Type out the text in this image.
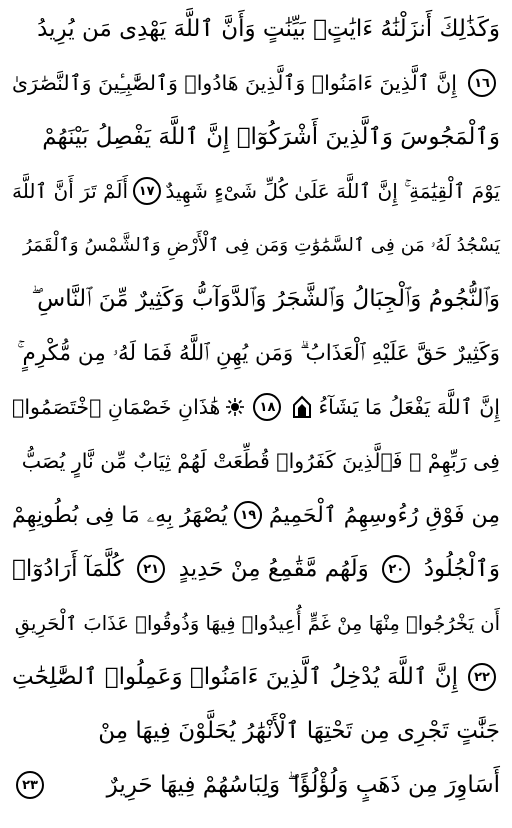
وَكَذَٰلِكَ أَنزَلْنَٰهُ ءَايَٰتٍۭ بَيِّنَٰتٍ وَأَنَّ ٱللَّهَ يَهْدِى مَن يُرِيدُ
١٦
إِنَّ ٱلَّذِينَ ءَامَنُوا۟ وَٱلَّذِينَ هَادُوا۟ وَٱلصَّٰبِـِٔينَ وَٱلنَّصَٰرَىٰ
وَٱلْمَجُوسَ وَٱلَّذِينَ أَشْرَكُوٓا۟ إِنَّ ٱللَّهَ يَفْصِلُ بَيْنَهُمْ
يَوْمَ ٱلْقِيَٰمَةِ ۚ إِنَّ ٱللَّهَ عَلَىٰ كُلِّ شَىْءٍ شَهِيدٌ
١٧
أَلَمْ تَرَ أَنَّ ٱللَّهَ
يَسْجُدُ لَهُۥ مَن فِى ٱلسَّمَٰوَٰتِ وَمَن فِى ٱلْأَرْضِ وَٱلشَّمْسُ وَٱلْقَمَرُ
وَٱلنُّجُومُ وَٱلْجِبَالُ وَٱلشَّجَرُ وَٱلدَّوَآبُّ وَكَثِيرٌ مِّنَ ٱلنَّاسِ ۖ
وَكَثِيرٌ حَقَّ عَلَيْهِ ٱلْعَذَابُ ۗ وَمَن يُهِنِ ٱللَّهُ فَمَا لَهُۥ مِن مُّكْرِمٍ ۚ
إِنَّ ٱللَّهَ يَفْعَلُ مَا يَشَآءُ
١٨
هَٰذَانِ خَصْمَانِ ٱخْتَصَمُوا۟
فِى رَبِّهِمْ ۖ فَٱلَّذِينَ كَفَرُوا۟ قُطِّعَتْ لَهُمْ ثِيَابٌ مِّن نَّارٍ يُصَبُّ
مِن فَوْقِ رُءُوسِهِمُ ٱلْحَمِيمُ
١٩
يُصْهَرُ بِهِۦ مَا فِى بُطُونِهِمْ
وَٱلْجُلُودُ
٢٠
وَلَهُم مَّقَٰمِعُ مِنْ حَدِيدٍ
٢١
كُلَّمَآ أَرَادُوٓا۟
أَن يَخْرُجُوا۟ مِنْهَا مِنْ غَمٍّ أُعِيدُوا۟ فِيهَا وَذُوقُوا۟ عَذَابَ ٱلْحَرِيقِ
٢٢
إِنَّ ٱللَّهَ يُدْخِلُ ٱلَّذِينَ ءَامَنُوا۟ وَعَمِلُوا۟ ٱلصَّٰلِحَٰتِ
جَنَّٰتٍ تَجْرِى مِن تَحْتِهَا ٱلْأَنْهَٰرُ يُحَلَّوْنَ فِيهَا مِنْ
أَسَاوِرَ مِن ذَهَبٍ وَلُؤْلُؤًا ۖ وَلِبَاسُهُمْ فِيهَا حَرِيرٌ
٢٣
